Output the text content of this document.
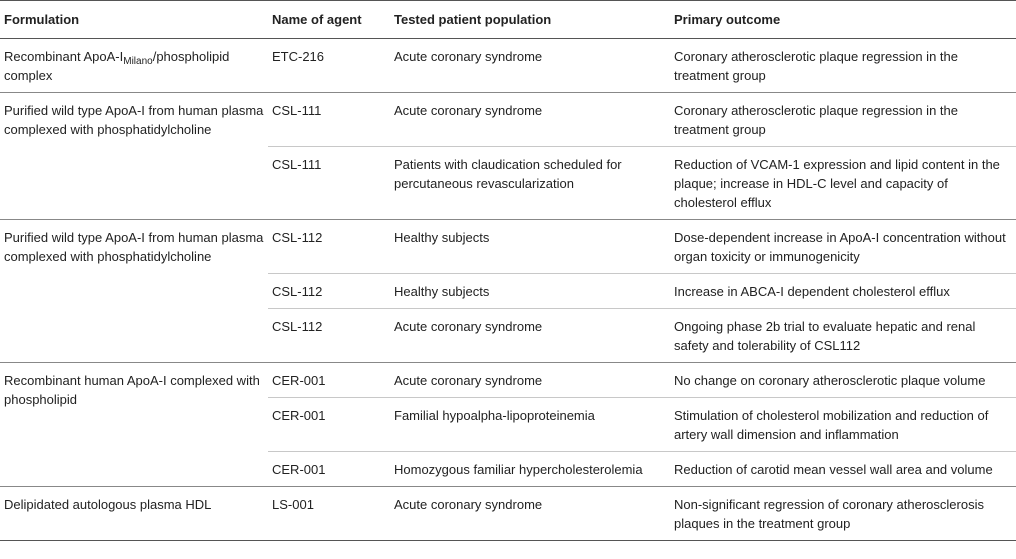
Formulation	Name of agent	Tested patient population	Primary outcome
Recombinant ApoA-$I_{Milano}$/phospholipid complex	ETC-216	Acute coronary syndrome	Coronary atherosclerotic plaque regression in the treatment group
Purified wild type ApoA-I from human plasma complexed with phosphatidylcholine	CSL-111	Acute coronary syndrome	Coronary atherosclerotic plaque regression in the treatment group
	CSL-111	Patients with claudication scheduled for percutaneous revascularization	Reduction of VCAM-1 expression and lipid content in the plaque; increase in HDL-C level and capacity of cholesterol efflux
Purified wild type ApoA-I from human plasma complexed with phosphatidylcholine	CSL-112	Healthy subjects	Dose-dependent increase in ApoA-I concentration without organ toxicity or immunogenicity
	CSL-112	Healthy subjects	Increase in ABCA-I dependent cholesterol efflux
	CSL-112	Acute coronary syndrome	Ongoing phase 2b trial to evaluate hepatic and renal safety and tolerability of CSL112
Recombinant human ApoA-I complexed with phospholipid	CER-001	Acute coronary syndrome	No change on coronary atherosclerotic plaque volume
	CER-001	Familial hypoalpha-lipoproteinemia	Stimulation of cholesterol mobilization and reduction of artery wall dimension and inflammation
	CER-001	Homozygous familiar hypercholesterolemia	Reduction of carotid mean vessel wall area and volume
Delipidated autologous plasma HDL	LS-001	Acute coronary syndrome	Non-significant regression of coronary atherosclerosis plaques in the treatment group
